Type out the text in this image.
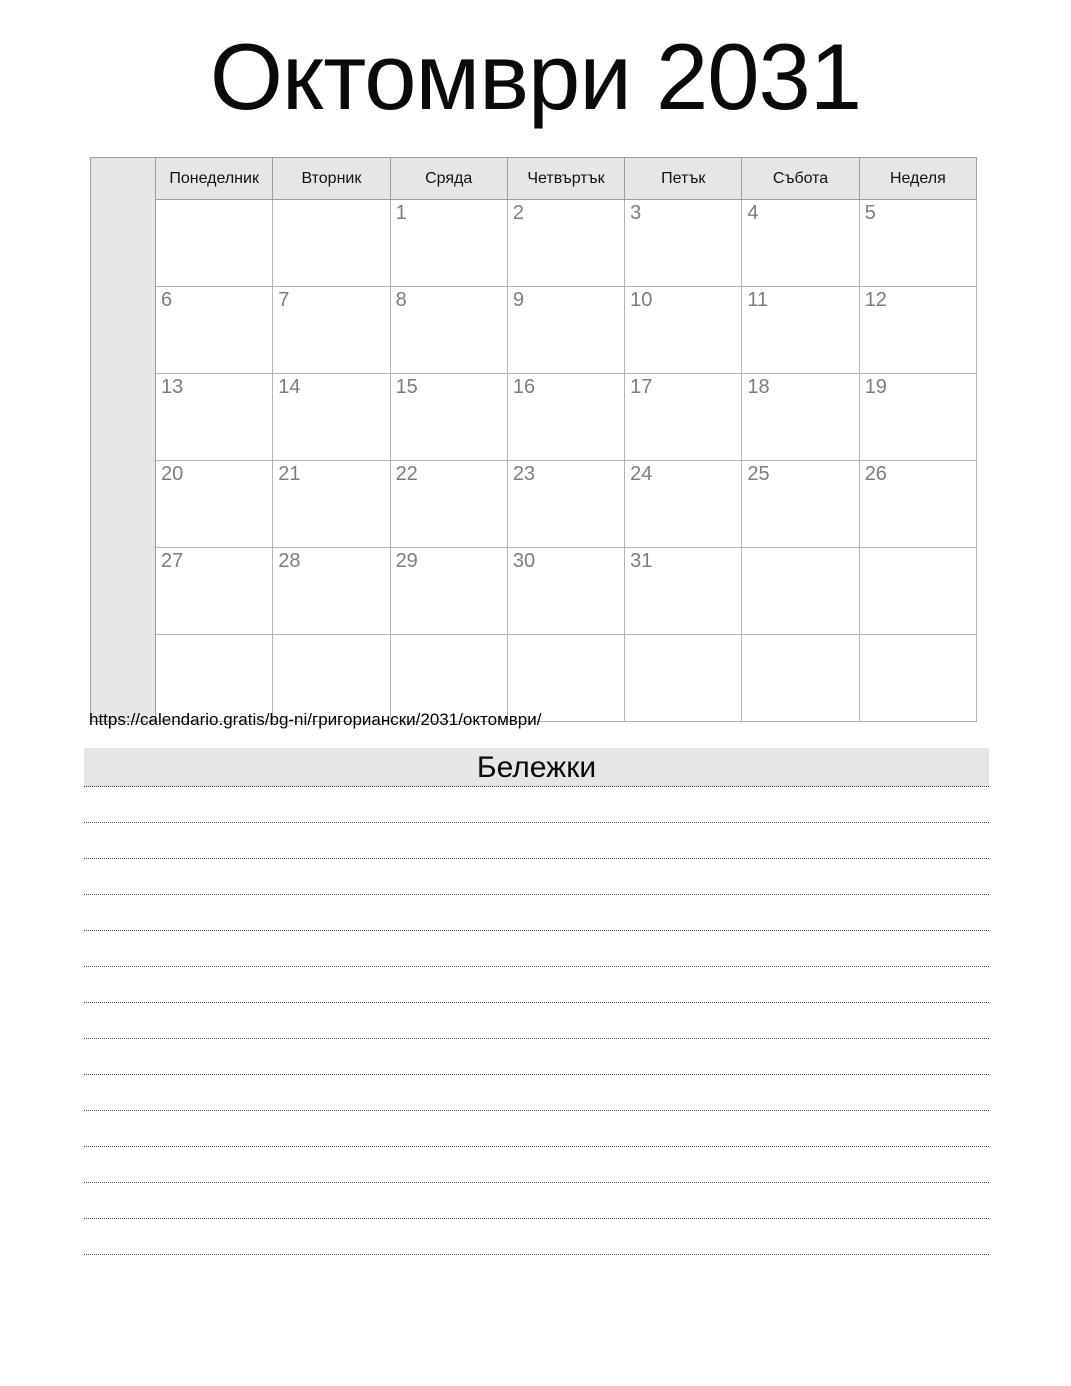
Октомври 2031
	Понеделник	Вторник	Сряда	Четвъртък	Петък	Събота	Неделя
			1	2	3	4	5
	6	7	8	9	10	11	12
	13	14	15	16	17	18	19
	20	21	22	23	24	25	26
	27	28	29	30	31		

https://calendario.gratis/bg-ni/григориански/2031/октомври/
Бележки
